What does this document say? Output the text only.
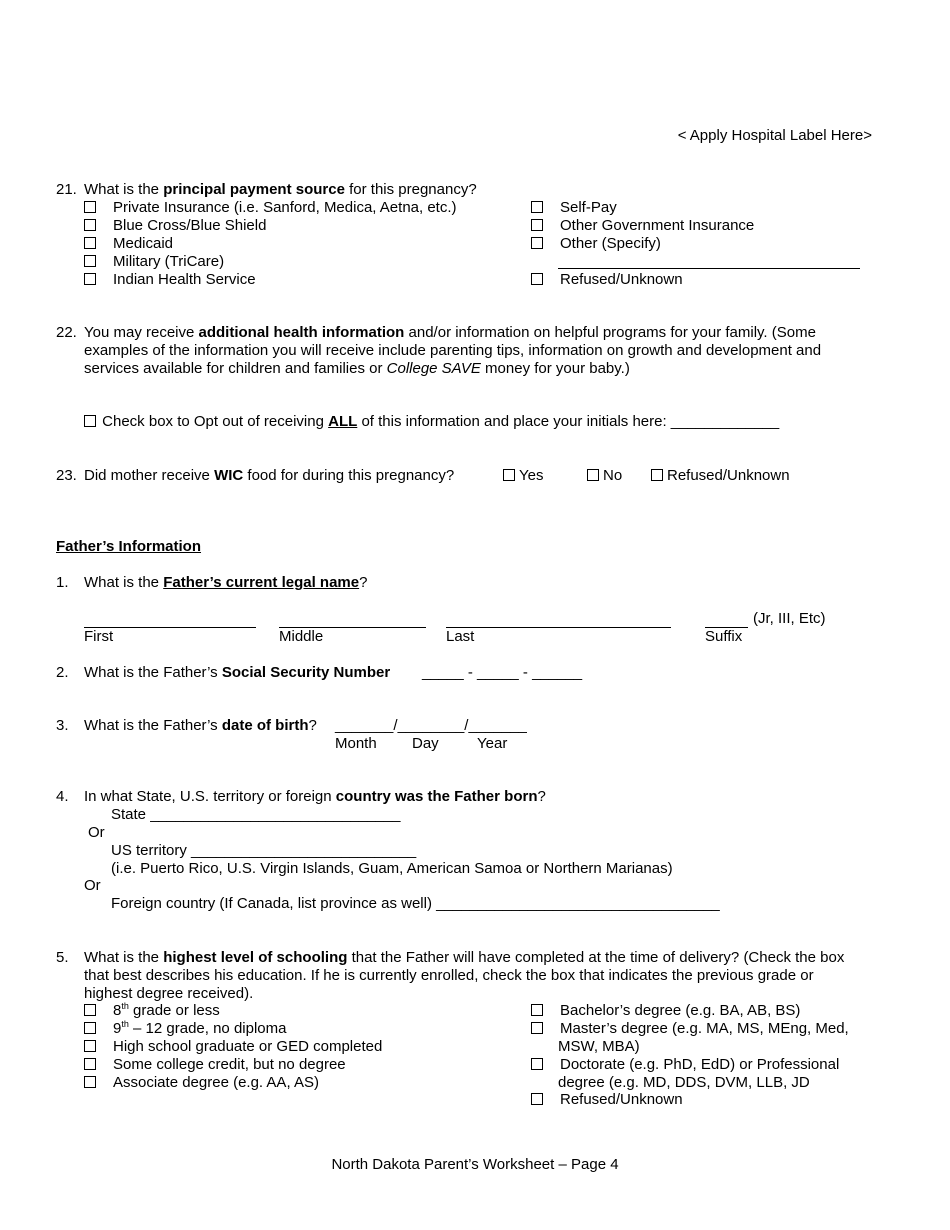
< Apply Hospital Label Here>
21. What is the principal payment source for this pregnancy?
Private Insurance (i.e. Sanford, Medica, Aetna, etc.)
Blue Cross/Blue Shield
Medicaid
Military (TriCare)
Indian Health Service
Self-Pay
Other Government Insurance
Other (Specify)
Refused/Unknown
22. You may receive additional health information and/or information on helpful programs for your family. (Some
examples of the information you will receive include parenting tips, information on growth and development and
services available for children and families or College SAVE money for your baby.)
Check box to Opt out of receiving ALL of this information and place your initials here: _____________
23. Did mother receive WIC food for during this pregnancy?	Yes	No	Refused/Unknown
Father’s Information
1. What is the Father’s current legal name?
(Jr, III, Etc)
First	Middle	Last	Suffix
2. What is the Father’s Social Security Number _____ - _____ - ______
3. What is the Father’s date of birth? _______/________/_______
Month Day	Year
4. In what State, U.S. territory or foreign country was the Father born?
State ______________________________
Or
US territory ___________________________
(i.e. Puerto Rico, U.S. Virgin Islands, Guam, American Samoa or Northern Marianas)
Or
Foreign country (If Canada, list province as well) __________________________________
5. What is the highest level of schooling that the Father will have completed at the time of delivery? (Check the box
that best describes his education. If he is currently enrolled, check the box that indicates the previous grade or
highest degree received).
8th grade or less
9th – 12 grade, no diploma
High school graduate or GED completed
Some college credit, but no degree
Associate degree (e.g. AA, AS)
Bachelor’s degree (e.g. BA, AB, BS)
Master’s degree (e.g. MA, MS, MEng, Med,
MSW, MBA)
Doctorate (e.g. PhD, EdD) or Professional
degree (e.g. MD, DDS, DVM, LLB, JD
Refused/Unknown
North Dakota Parent’s Worksheet – Page 4
